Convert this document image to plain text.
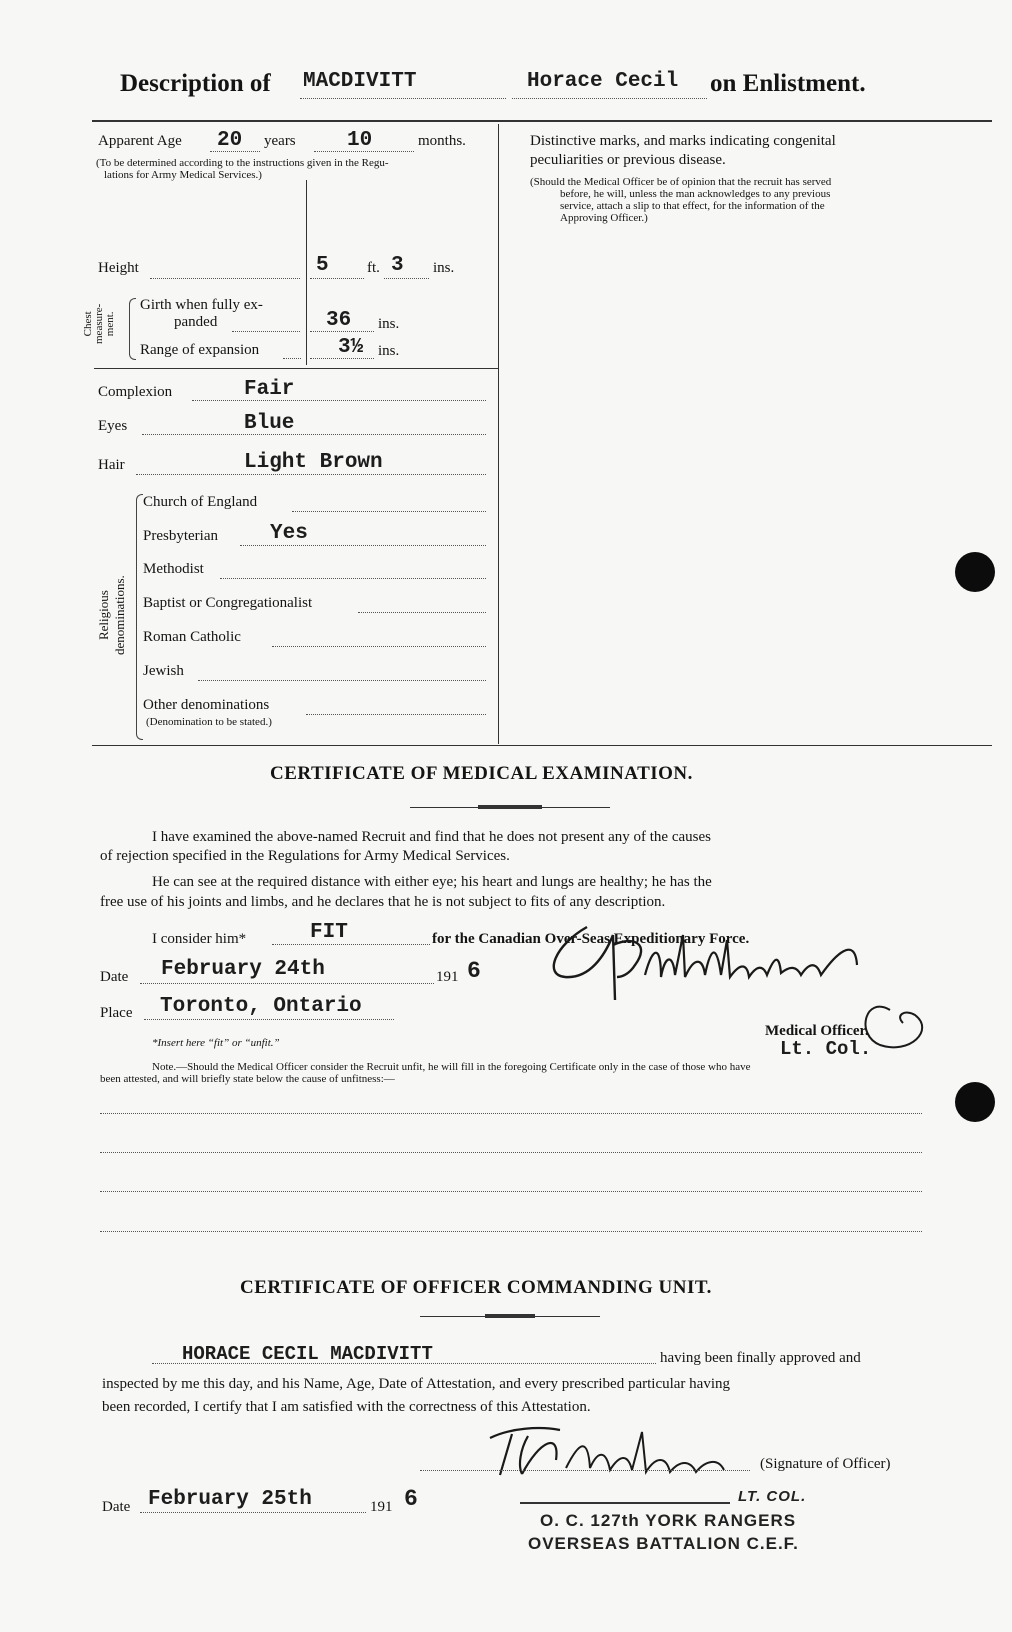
Description of MACDIVITT	Horace Cecil on Enlistment.
Apparent Age 20 years 10	months.
(To be determined according to the instructions given in the Regu-
lations for Army Medical Services.)
Height	5	ft. 3 ins.
Chest measure- ment.
Girth when fully ex-
panded	36 ins.
Range of expansion	3½ ins.
Complexion	Fair
Eyes	Blue
Hair	Light Brown
Religious denominations.
Church of England
Presbyterian Yes
Methodist
Baptist or Congregationalist
Roman Catholic
Jewish
Other denominations
(Denomination to be stated.)
Distinctive marks, and marks indicating congenital
peculiarities or previous disease.
(Should the Medical Officer be of opinion that the recruit has served
before, he will, unless the man acknowledges to any previous
service, attach a slip to that effect, for the information of the
Approving Officer.)
CERTIFICATE OF MEDICAL EXAMINATION.
I have examined the above-named Recruit and find that he does not present any of the causes
of rejection specified in the Regulations for Army Medical Services.
He can see at the required distance with either eye; his heart and lungs are healthy; he has the
free use of his joints and limbs, and he declares that he is not subject to fits of any description.
I consider him*	FIT	for the Canadian Over-Seas Expeditionary Force.
Date February 24th	191 6
Place Toronto, Ontario
*Insert here “fit” or “unfit.”
Medical Officer.
Lt. Col.
Note.—Should the Medical Officer consider the Recruit unfit, he will fill in the foregoing Certificate only in the case of those who have
been attested, and will briefly state below the cause of unfitness:—
CERTIFICATE OF OFFICER COMMANDING UNIT.
HORACE CECIL MACDIVITT	having been finally approved and
inspected by me this day, and his Name, Age, Date of Attestation, and every prescribed particular having
been recorded, I certify that I am satisfied with the correctness of this Attestation.
(Signature of Officer)
Date February 25th	191 6	LT. COL.
O. C. 127th YORK RANGERS
OVERSEAS BATTALION C.E.F.
